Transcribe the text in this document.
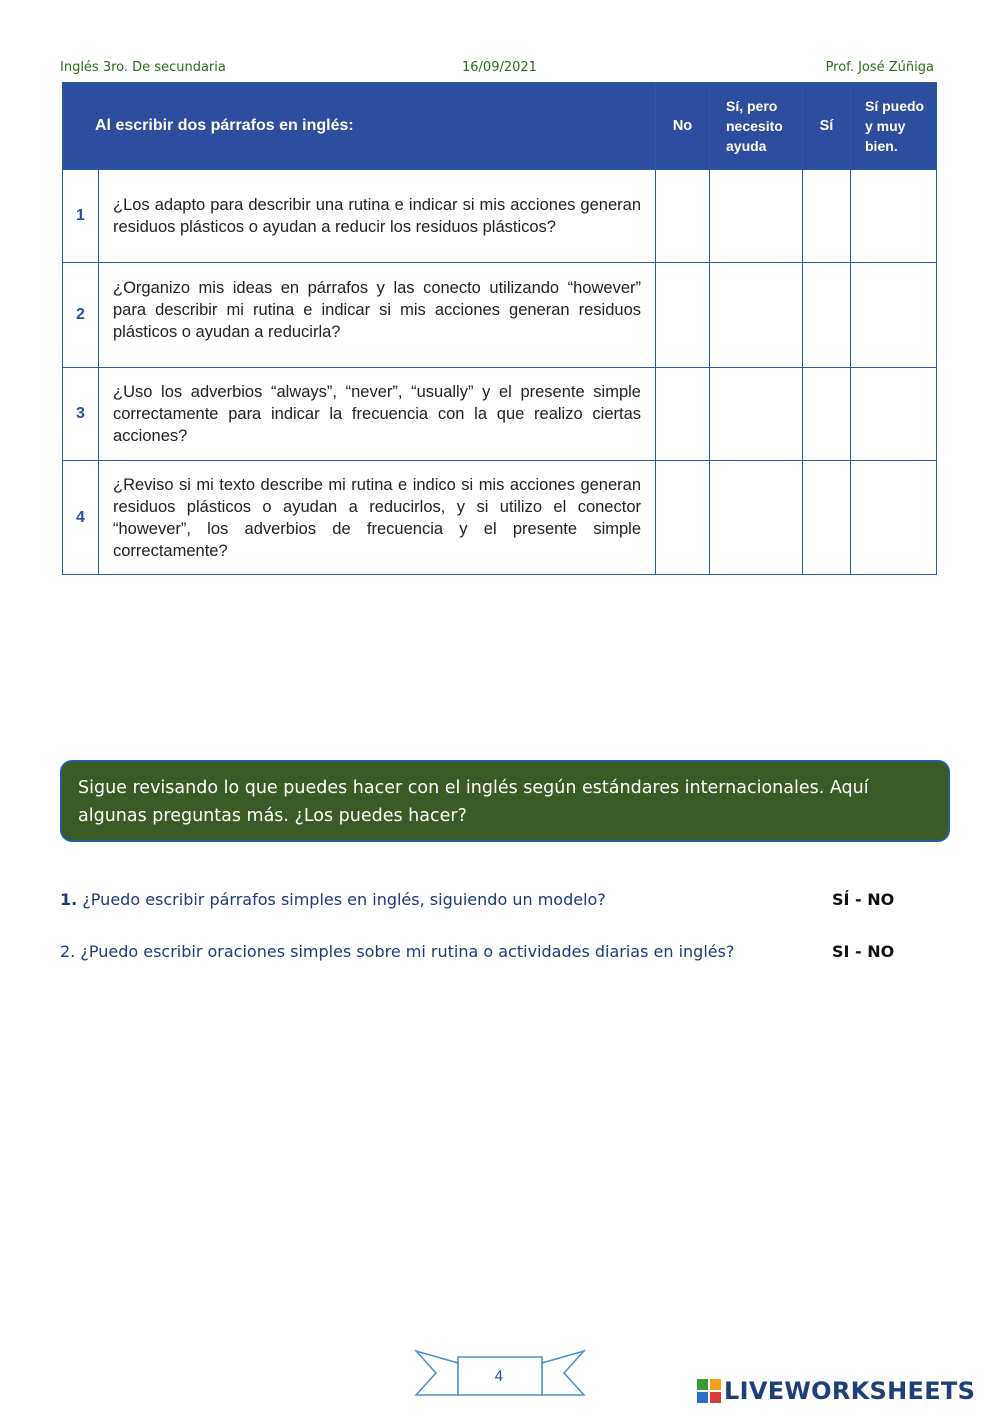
Inglés 3ro. De secundaria	16/09/2021	Prof. José Zúñiga
Al escribir dos párrafos en inglés:		No	Sí, pero necesito ayuda	Sí	Sí puedo y muy bien.
1	¿Los adapto para describir una rutina e indicar si mis acciones generan residuos plásticos o ayudan a reducir los residuos plásticos?				
2	¿Organizo mis ideas en párrafos y las conecto utilizando “however” para describir mi rutina e indicar si mis acciones generan residuos plásticos o ayudan a reducirla?				

3	¿Uso los adverbios “always”, “never”, “usually” y el presente simple correctamente para indicar la frecuencia con la que realizo ciertas acciones?				
4	¿Reviso si mi texto describe mi rutina e indico si mis acciones generan residuos plásticos o ayudan a reducirlos, y si utilizo el conector “however”, los adverbios de frecuencia y el presente simple correctamente?				
Sigue revisando lo que puedes hacer con el inglés según estándares internacionales. Aquí algunas preguntas más. ¿Los puedes hacer?
1. ¿Puedo escribir párrafos simples en inglés, siguiendo un modelo?	SÍ - NO
2. ¿Puedo escribir oraciones simples sobre mi rutina o actividades diarias en inglés?	SI - NO
4	LIVEWORKSHEETS
